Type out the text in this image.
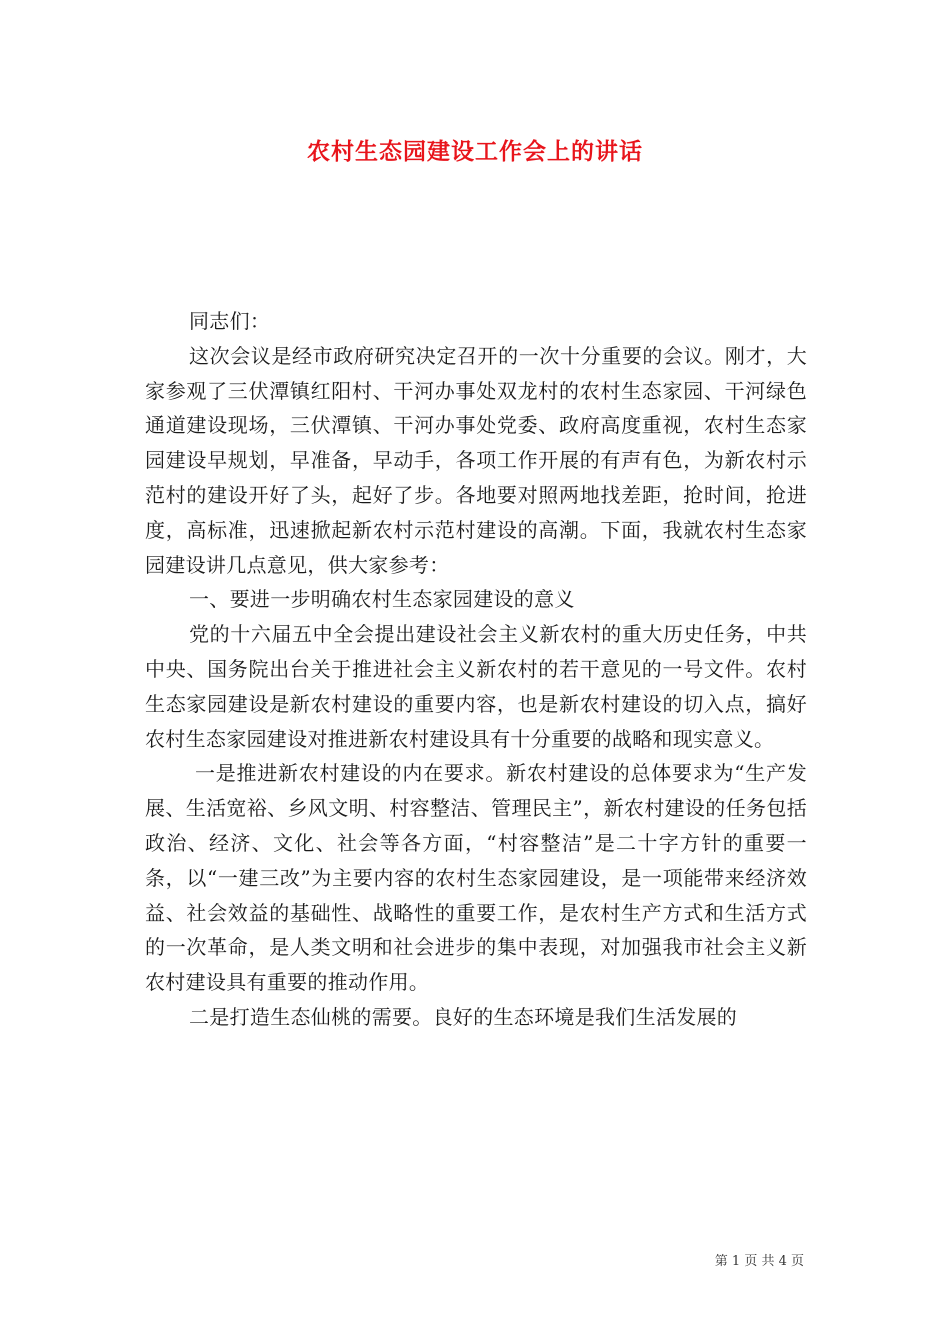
农村生态园建设工作会上的讲话

同志们：

这次会议是经市政府研究决定召开的一次十分重要的会议。刚才，大家参观了三伏潭镇红阳村、干河办事处双龙村的农村生态家园、干河绿色通道建设现场，三伏潭镇、干河办事处党委、政府高度重视，农村生态家园建设早规划，早准备，早动手，各项工作开展的有声有色，为新农村示范村的建设开好了头，起好了步。各地要对照两地找差距，抢时间，抢进度，高标准，迅速掀起新农村示范村建设的高潮。下面，我就农村生态家园建设讲几点意见，供大家参考：

一、要进一步明确农村生态家园建设的意义

党的十六届五中全会提出建设社会主义新农村的重大历史任务，中共中央、国务院出台关于推进社会主义新农村的若干意见的一号文件。农村生态家园建设是新农村建设的重要内容，也是新农村建设的切入点，搞好农村生态家园建设对推进新农村建设具有十分重要的战略和现实意义。

一是推进新农村建设的内在要求。新农村建设的总体要求为“生产发展、生活宽裕、乡风文明、村容整洁、管理民主”，新农村建设的任务包括政治、经济、文化、社会等各方面，“村容整洁”是二十字方针的重要一条，以“一建三改”为主要内容的农村生态家园建设，是一项能带来经济效益、社会效益的基础性、战略性的重要工作，是农村生产方式和生活方式的一次革命，是人类文明和社会进步的集中表现，对加强我市社会主义新农村建设具有重要的推动作用。

二是打造生态仙桃的需要。良好的生态环境是我们生活发展的

第 1 页 共 4 页
